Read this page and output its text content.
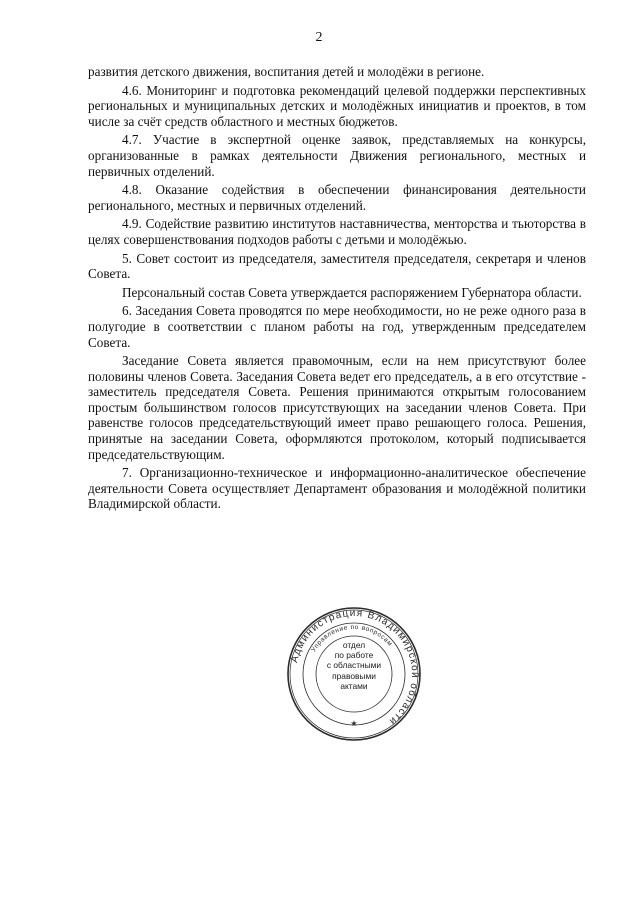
2

развития детского движения, воспитания детей и молодёжи в регионе.

4.6. Мониторинг и подготовка рекомендаций целевой поддержки перспективных региональных и муниципальных детских и молодёжных инициатив и проектов, в том числе за счёт средств областного и местных бюджетов.

4.7. Участие в экспертной оценке заявок, представляемых на конкурсы, организованные в рамках деятельности Движения регионального, местных и первичных отделений.

4.8. Оказание содействия в обеспечении финансирования деятельности регионального, местных и первичных отделений.

4.9. Содействие развитию институтов наставничества, менторства и тьюторства в целях совершенствования подходов работы с детьми и молодёжью.

5. Совет состоит из председателя, заместителя председателя, секретаря и членов Совета.

Персональный состав Совета утверждается распоряжением Губернатора области.

6. Заседания Совета проводятся по мере необходимости, но не реже одного раза в полугодие в соответствии с планом работы на год, утвержденным председателем Совета.

Заседание Совета является правомочным, если на нем присутствуют более половины членов Совета. Заседания Совета ведет его председатель, а в его отсутствие - заместитель председателя Совета. Решения принимаются открытым голосованием простым большинством голосов присутствующих на заседании членов Совета. При равенстве голосов председательствующий имеет право решающего голоса. Решения, принятые на заседании Совета, оформляются протоколом, который подписывается председательствующим.

7. Организационно-техническое и информационно-аналитическое обеспечение деятельности Совета осуществляет Департамент образования и молодёжной политики Владимирской области.

Администрация Владимирской области
Управление по вопросам
★
отдел
по работе
с областными
правовыми
актами
